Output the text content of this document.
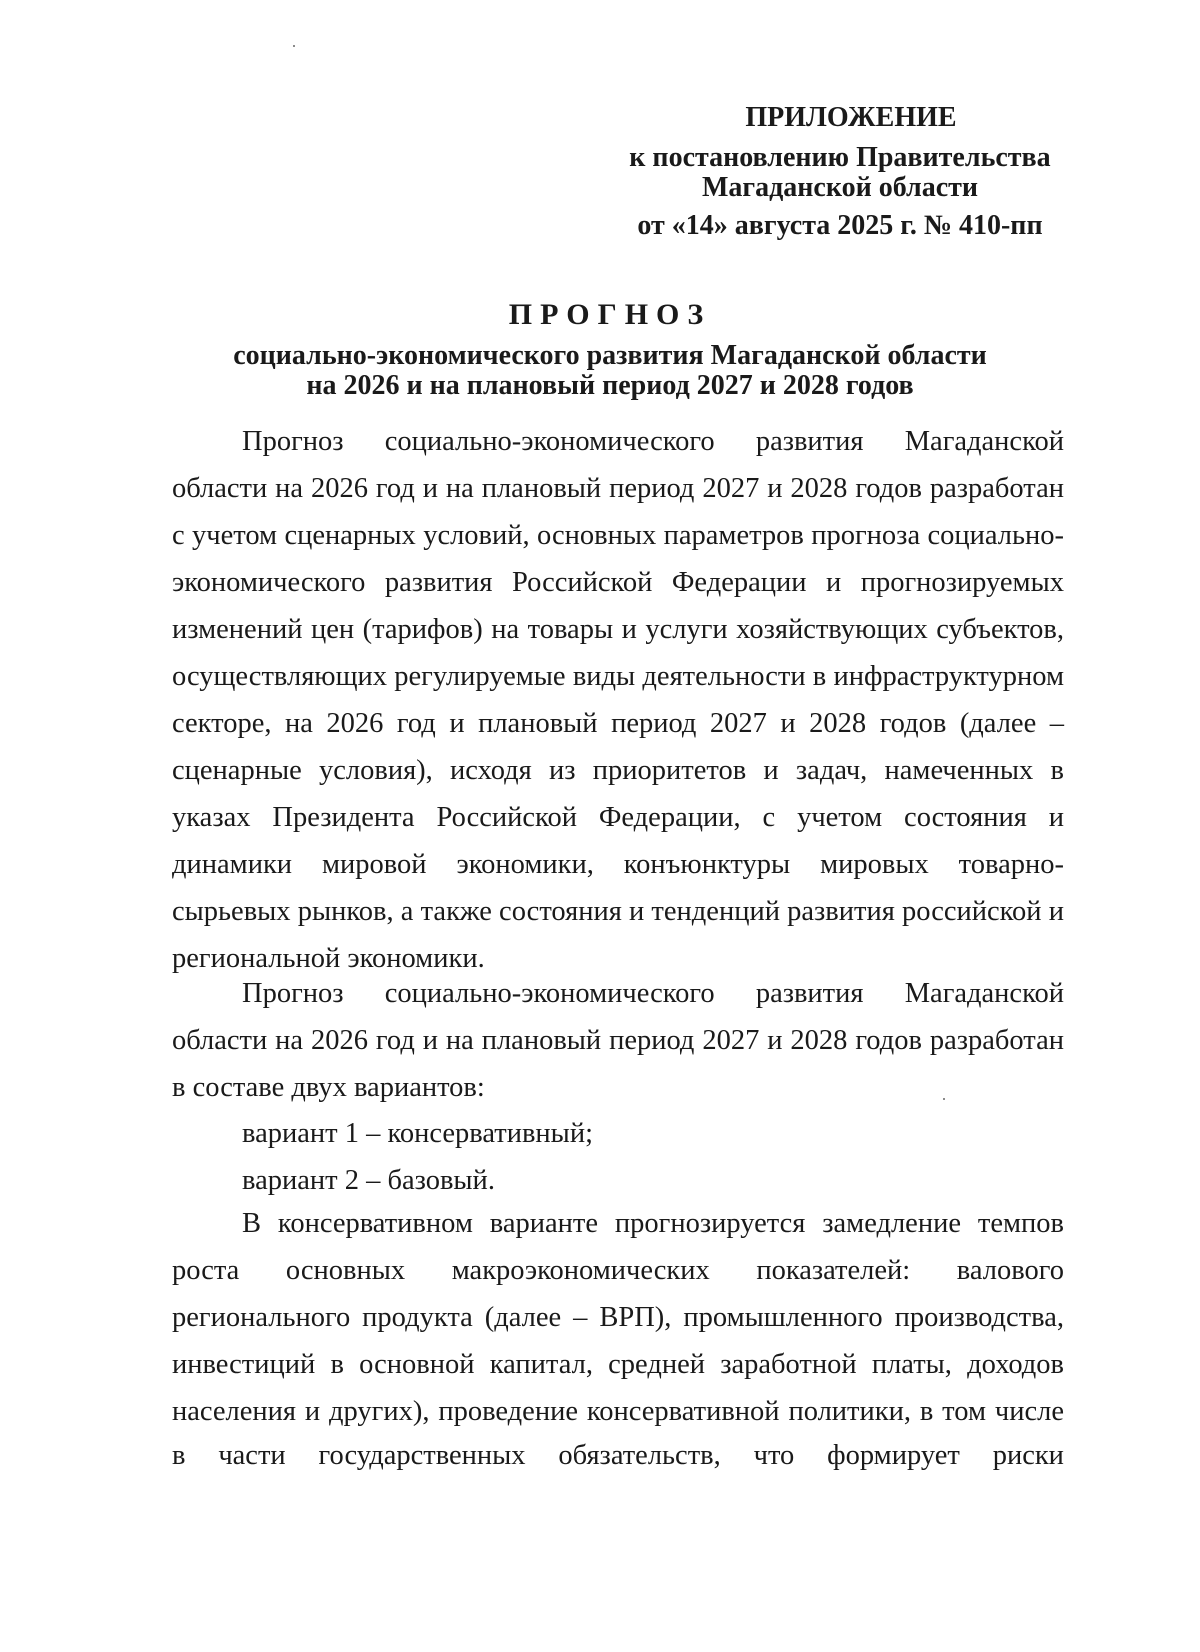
ПРИЛОЖЕНИЕ
к постановлению Правительства
Магаданской области
от «14» августа 2025 г. № 410-пп
ПРОГНОЗ
социально-экономического развития Магаданской области
на 2026 и на плановый период 2027 и 2028 годов

Прогноз социально-экономического развития Магаданской области на 2026 год и на плановый период 2027 и 2028 годов разработан с учетом сценарных условий, основных параметров прогноза социально-экономического развития Российской Федерации и прогнозируемых изменений цен (тарифов) на товары и услуги хозяйствующих субъектов, осуществляющих регулируемые виды деятельности в инфраструктурном секторе, на 2026 год и плановый период 2027 и 2028 годов (далее – сценарные условия), исходя из приоритетов и задач, намеченных в указах Президента Российской Федерации, с учетом состояния и динамики мировой экономики, конъюнктуры мировых товарно-сырьевых рынков, а также состояния и тенденций развития российской и региональной экономики.

Прогноз социально-экономического развития Магаданской области на 2026 год и на плановый период 2027 и 2028 годов разработан в составе двух вариантов:

вариант 1 – консервативный;
вариант 2 – базовый.

В консервативном варианте прогнозируется замедление темпов роста основных макроэкономических показателей: валового регионального продукта (далее – ВРП), промышленного производства, инвестиций в основной капитал, средней заработной платы, доходов населения и других), проведение консервативной политики, в том числе

в части государственных обязательств, что формирует риски
